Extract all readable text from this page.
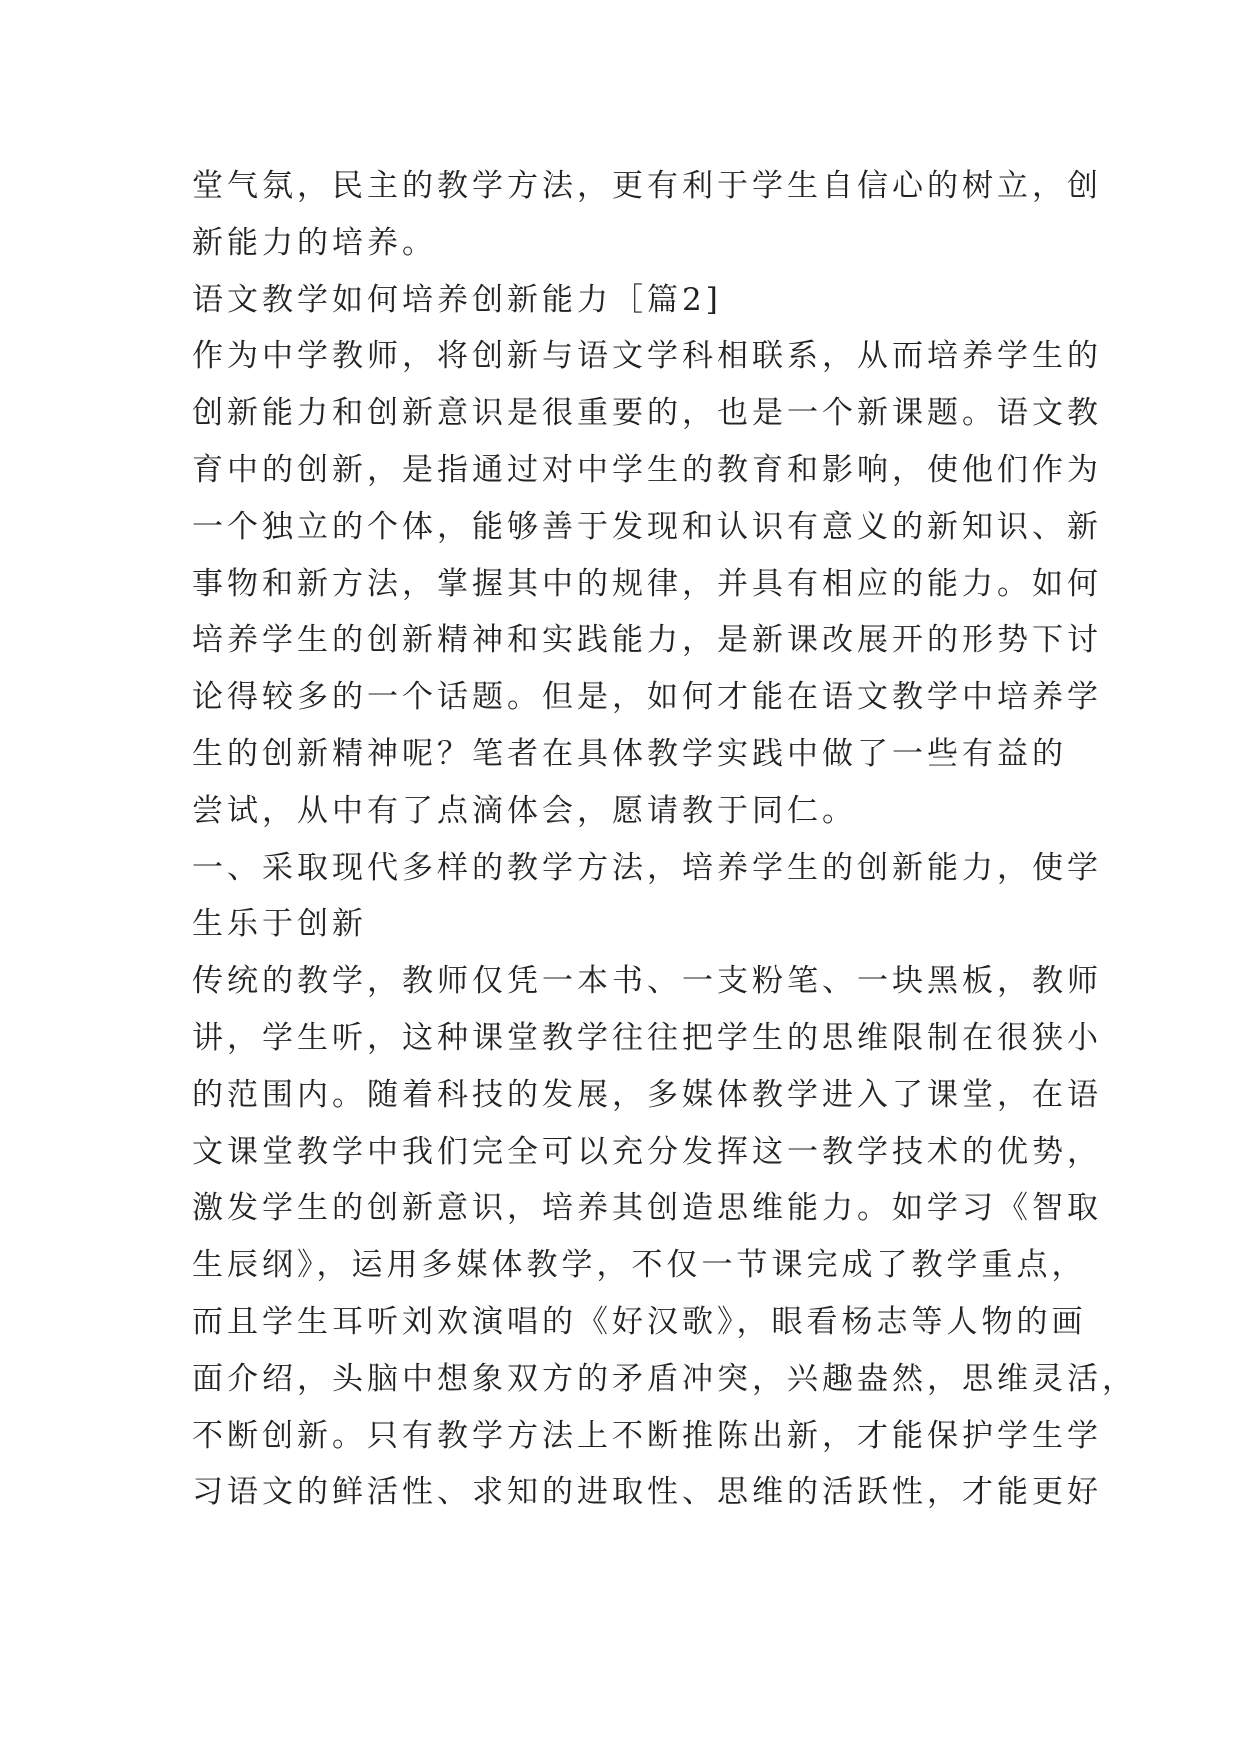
堂气氛，民主的教学方法，更有利于学生自信心的树立，创
新能力的培养。
语文教学如何培养创新能力［篇2]
作为中学教师，将创新与语文学科相联系，从而培养学生的
创新能力和创新意识是很重要的，也是一个新课题。语文教
育中的创新，是指通过对中学生的教育和影响，使他们作为
一个独立的个体，能够善于发现和认识有意义的新知识、新
事物和新方法，掌握其中的规律，并具有相应的能力。如何
培养学生的创新精神和实践能力，是新课改展开的形势下讨
论得较多的一个话题。但是，如何才能在语文教学中培养学
生的创新精神呢？笔者在具体教学实践中做了一些有益的
尝试，从中有了点滴体会，愿请教于同仁。
一、采取现代多样的教学方法，培养学生的创新能力，使学
生乐于创新
传统的教学，教师仅凭一本书、一支粉笔、一块黑板，教师
讲，学生听，这种课堂教学往往把学生的思维限制在很狭小
的范围内。随着科技的发展，多媒体教学进入了课堂，在语
文课堂教学中我们完全可以充分发挥这一教学技术的优势，
激发学生的创新意识，培养其创造思维能力。如学习《智取
生辰纲》，运用多媒体教学，不仅一节课完成了教学重点，
而且学生耳听刘欢演唱的《好汉歌》，眼看杨志等人物的画
面介绍，头脑中想象双方的矛盾冲突，兴趣盎然，思维灵活，
不断创新。只有教学方法上不断推陈出新，才能保护学生学
习语文的鲜活性、求知的进取性、思维的活跃性，才能更好
